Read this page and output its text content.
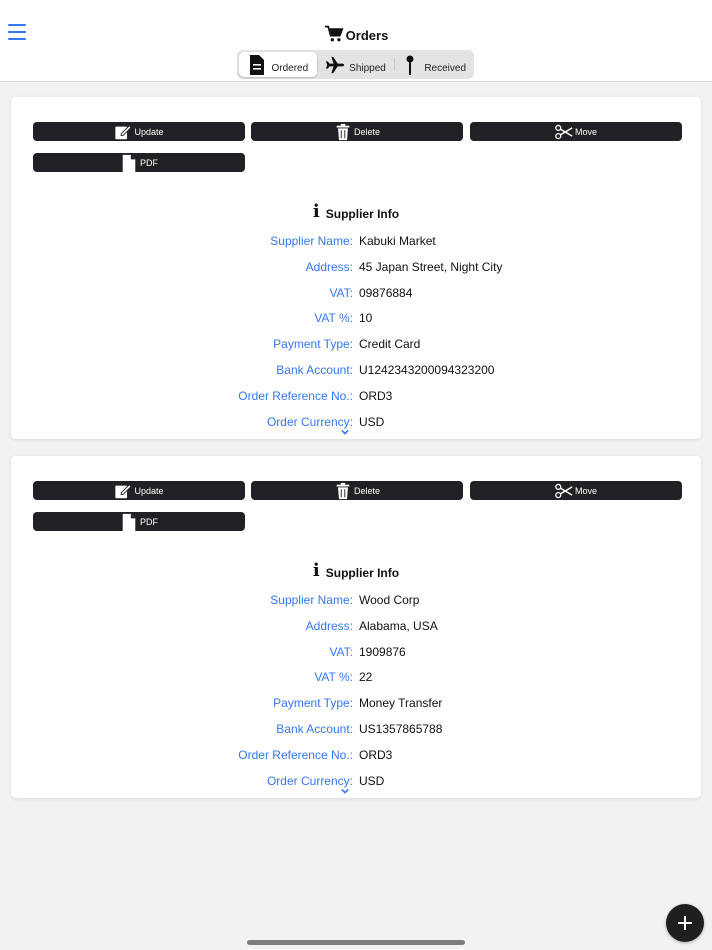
Orders
Ordered	Shipped	Received
Update	Delete	Move
PDF
i Supplier Info
Supplier Name: Kabuki Market
Address: 45 Japan Street, Night City
VAT: 09876884
VAT %: 10
Payment Type: Credit Card
Bank Account: U1242343200094323200
Order Reference No.: ORD3
Order Currency: USD
Update	Delete	Move
PDF
i Supplier Info
Supplier Name: Wood Corp
Address: Alabama, USA
VAT: 1909876
VAT %: 22
Payment Type: Money Transfer
Bank Account: US1357865788
Order Reference No.: ORD3
Order Currency: USD
